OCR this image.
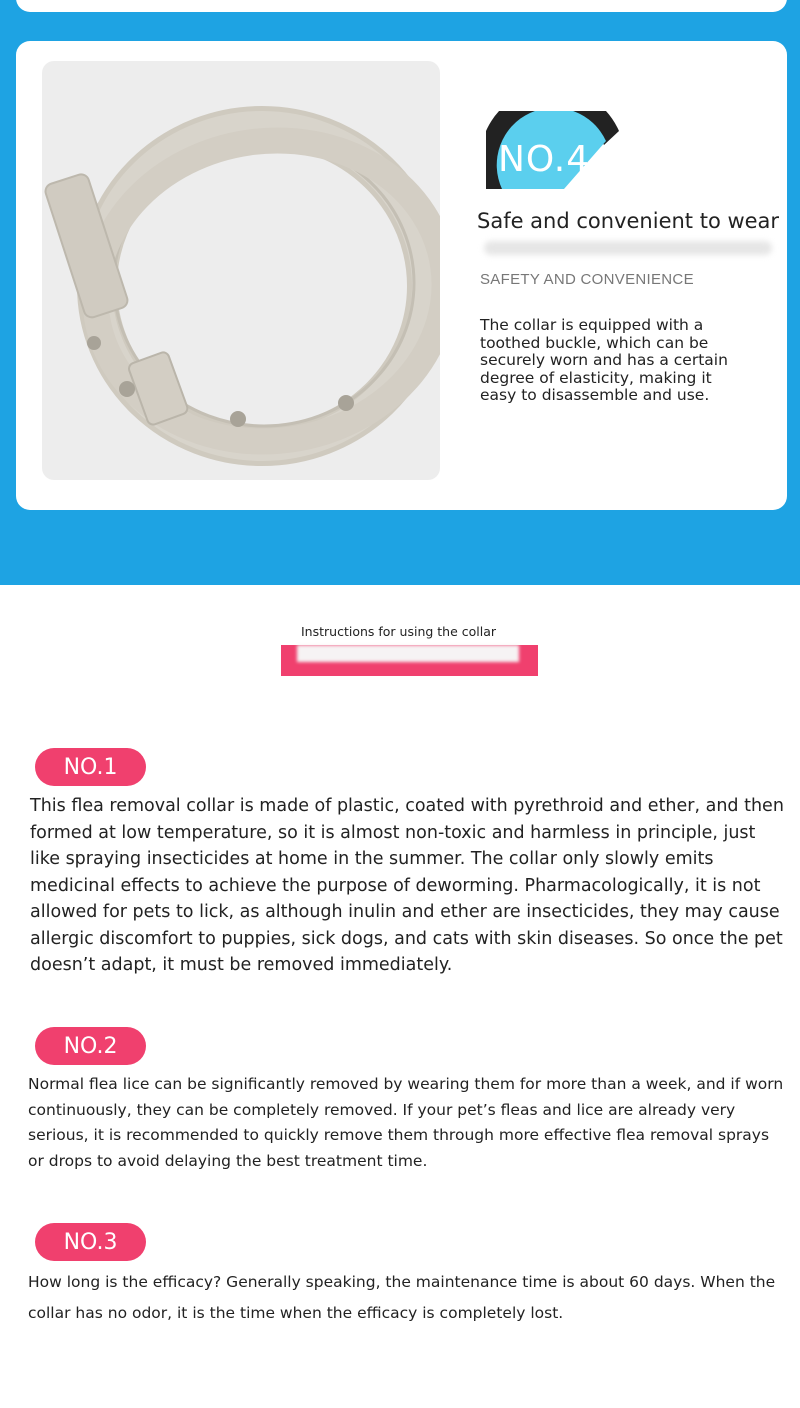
NO.4
Safe and convenient to wear
SAFETY AND CONVENIENCE
The collar is equipped with a toothed buckle, which can be securely worn and has a certain degree of elasticity, making it easy to disassemble and use.
Instructions for using the collar
NO.1
This flea removal collar is made of plastic, coated with pyrethroid and ether, and then formed at low temperature, so it is almost non-toxic and harmless in principle, just like spraying insecticides at home in the summer. The collar only slowly emits medicinal effects to achieve the purpose of deworming. Pharmacologically, it is not allowed for pets to lick, as although inulin and ether are insecticides, they may cause allergic discomfort to puppies, sick dogs, and cats with skin diseases. So once the pet doesn’t adapt, it must be removed immediately.
NO.2
Normal flea lice can be significantly removed by wearing them for more than a week, and if worn continuously, they can be completely removed. If your pet’s fleas and lice are already very serious, it is recommended to quickly remove them through more effective flea removal sprays or drops to avoid delaying the best treatment time.
NO.3
How long is the efficacy? Generally speaking, the maintenance time is about 60 days. When the collar has no odor, it is the time when the efficacy is completely lost.
